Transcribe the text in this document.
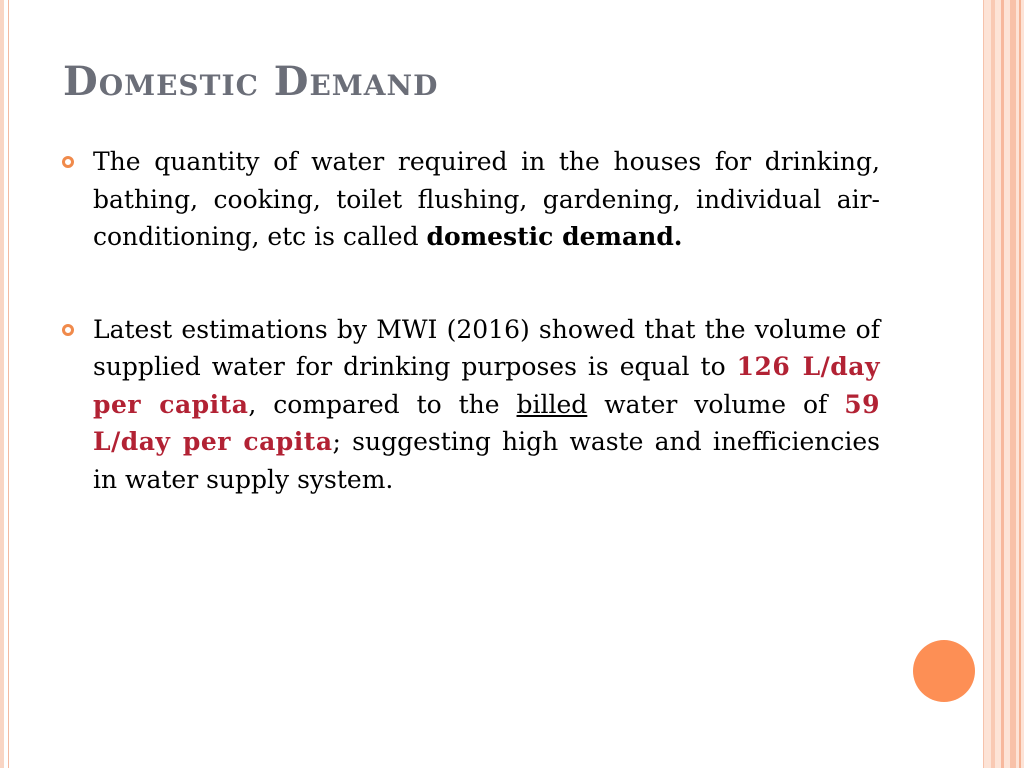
Domestic Demand
The quantity of water required in the houses for drinking, bathing, cooking, toilet flushing, gardening, individual air-conditioning, etc is called domestic demand.
Latest estimations by MWI (2016) showed that the volume of supplied water for drinking purposes is equal to 126 L/day per capita, compared to the billed water volume of 59 L/day per capita; suggesting high waste and inefficiencies in water supply system.
